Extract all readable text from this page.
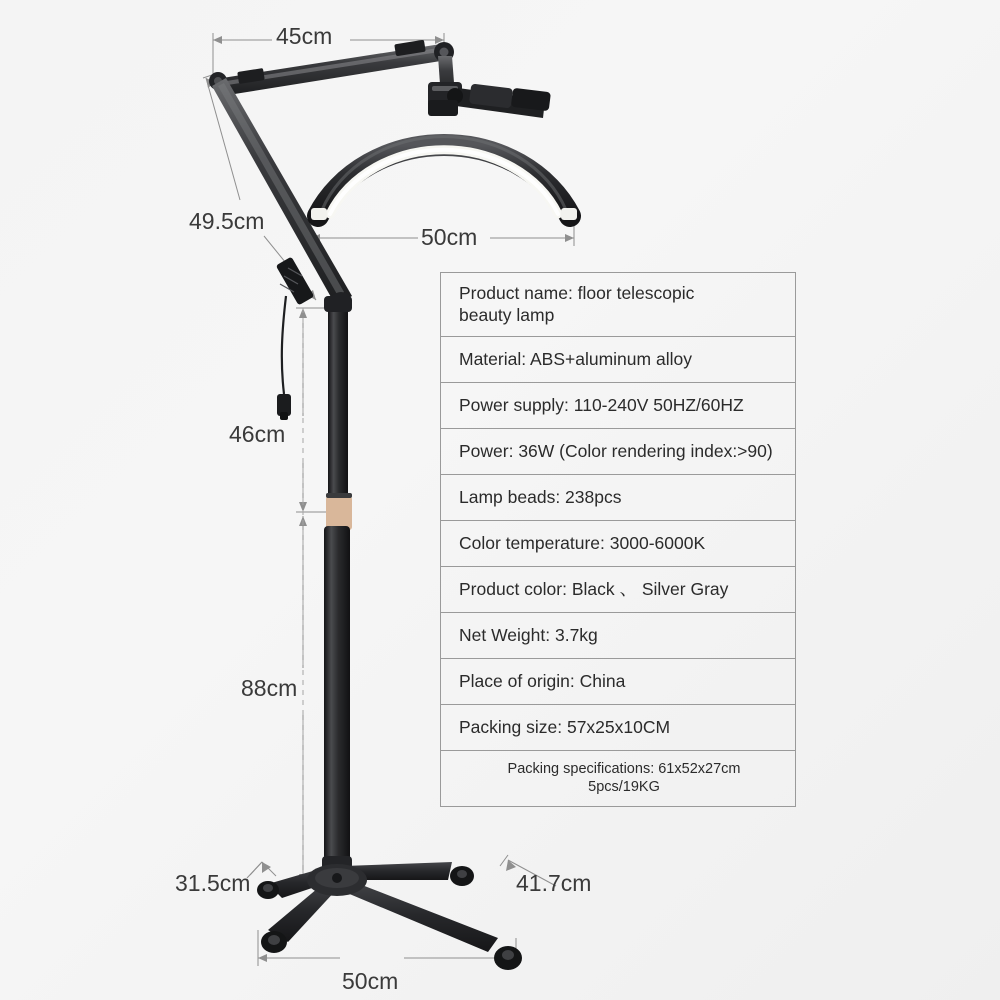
45cm
49.5cm
50cm
46cm
88cm
31.5cm	41.7cm
50cm
Product name: floor telescopic
beauty lamp
Material: ABS+aluminum alloy
Power supply: 110-240V 50HZ/60HZ
Power: 36W (Color rendering index:>90)
Lamp beads: 238pcs
Color temperature: 3000-6000K
Product color: Black 、 Silver Gray
Net Weight: 3.7kg
Place of origin: China
Packing size: 57x25x10CM
Packing specifications: 61x52x27cm
5pcs/19KG
